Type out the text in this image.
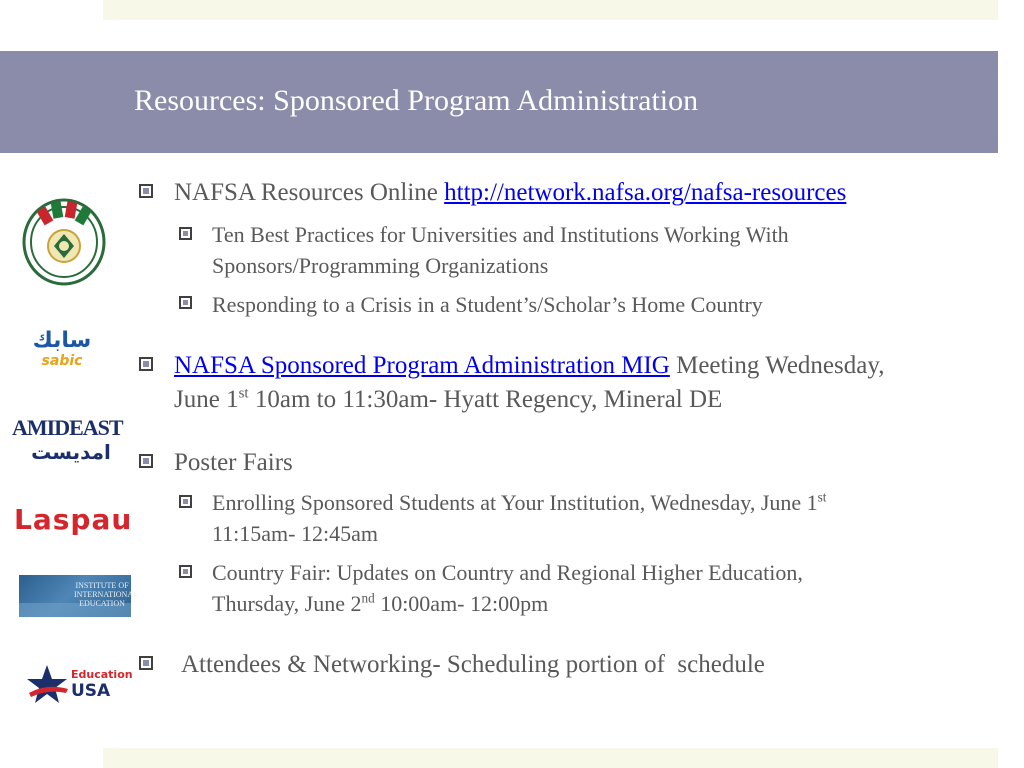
Resources: Sponsored Program Administration
NAFSA Resources Online http://network.nafsa.org/nafsa-resources
Ten Best Practices for Universities and Institutions Working With
Sponsors/Programming Organizations
Responding to a Crisis in a Student’s/Scholar’s Home Country
NAFSA Sponsored Program Administration MIG Meeting Wednesday,
June 1st 10am to 11:30am- Hyatt Regency, Mineral DE
Poster Fairs
Enrolling Sponsored Students at Your Institution, Wednesday, June 1st
11:15am- 12:45am
Country Fair: Updates on Country and Regional Higher Education,
Thursday, June 2nd 10:00am- 12:00pm
Attendees & Networking- Scheduling portion of  schedule
سابك
sabic
AMIDEAST
امديست
Laspau
INSTITUTE OF
INTERNATIONAL
EDUCATION
Education
USA
